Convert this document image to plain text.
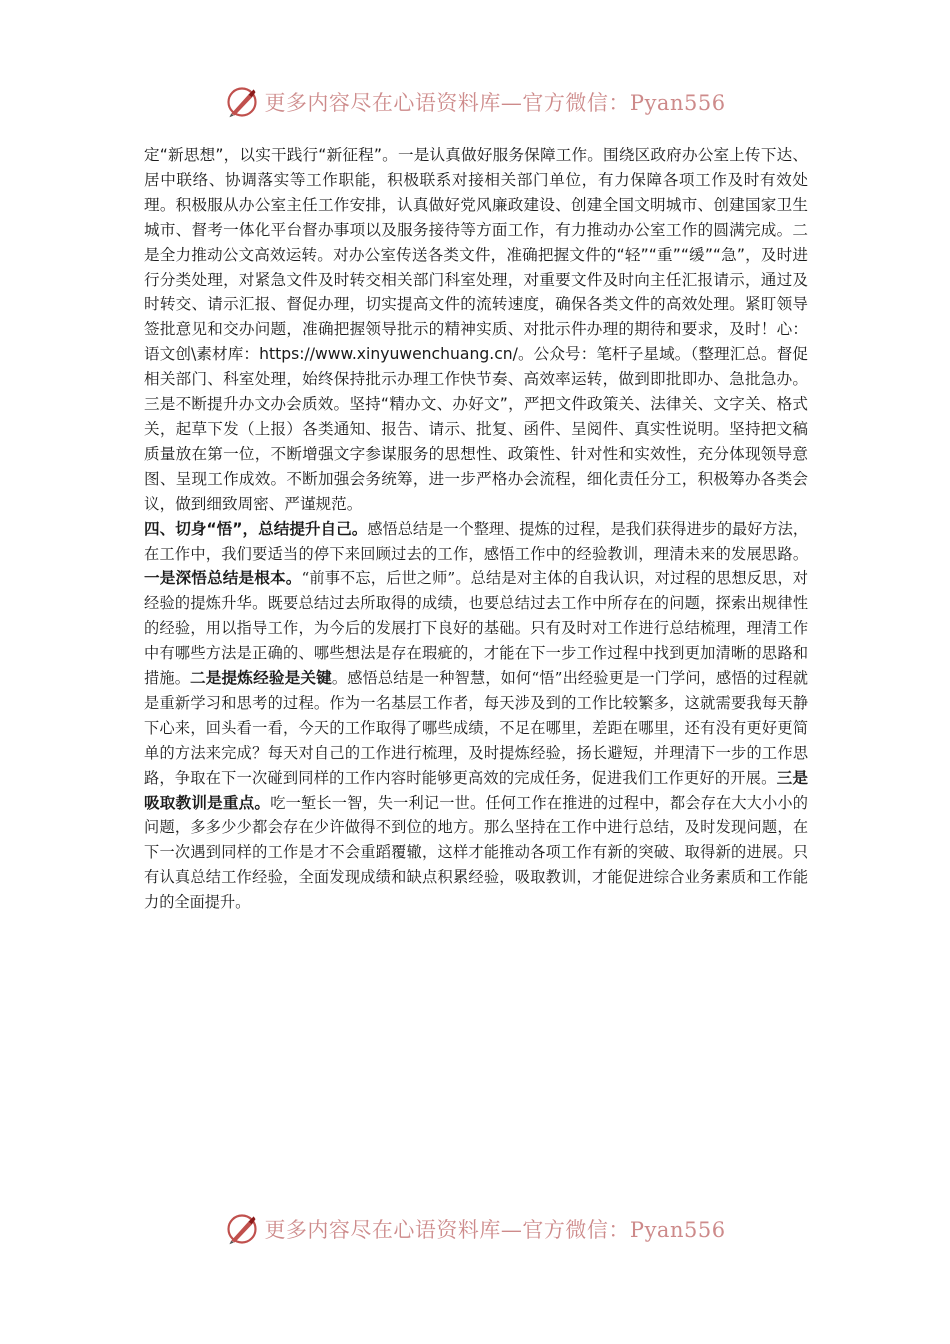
更多内容尽在心语资料库—官方微信：Pyan556

定“新思想”，以实干践行“新征程”。一是认真做好服务保障工作。围绕区政府办公室上传下达、居中联络、协调落实等工作职能，积极联系对接相关部门单位，有力保障各项工作及时有效处理。积极服从办公室主任工作安排，认真做好党风廉政建设、创建全国文明城市、创建国家卫生城市、督考一体化平台督办事项以及服务接待等方面工作，有力推动办公室工作的圆满完成。二是全力推动公文高效运转。对办公室传送各类文件，准确把握文件的“轻”“重”“缓”“急”，及时进行分类处理，对紧急文件及时转交相关部门科室处理，对重要文件及时向主任汇报请示，通过及时转交、请示汇报、督促办理，切实提高文件的流转速度，确保各类文件的高效处理。紧盯领导签批意见和交办问题，准确把握领导批示的精神实质、对批示件办理的期待和要求，及时！心：语文创\素材库：https://www.xinyuwenchuang.cn/。公众号：笔杆子星域。（整理汇总。督促相关部门、科室处理，始终保持批示办理工作快节奏、高效率运转，做到即批即办、急批急办。三是不断提升办文办会质效。坚持“精办文、办好文”，严把文件政策关、法律关、文字关、格式关，起草下发（上报）各类通知、报告、请示、批复、函件、呈阅件、真实性说明。坚持把文稿质量放在第一位，不断增强文字参谋服务的思想性、政策性、针对性和实效性，充分体现领导意图、呈现工作成效。不断加强会务统筹，进一步严格办会流程，细化责任分工，积极筹办各类会议，做到细致周密、严谨规范。

四、切身“悟”，总结提升自己。感悟总结是一个整理、提炼的过程，是我们获得进步的最好方法，在工作中，我们要适当的停下来回顾过去的工作，感悟工作中的经验教训，理清未来的发展思路。一是深悟总结是根本。“前事不忘，后世之师”。总结是对主体的自我认识，对过程的思想反思，对经验的提炼升华。既要总结过去所取得的成绩，也要总结过去工作中所存在的问题，探索出规律性的经验，用以指导工作，为今后的发展打下良好的基础。只有及时对工作进行总结梳理，理清工作中有哪些方法是正确的、哪些想法是存在瑕疵的，才能在下一步工作过程中找到更加清晰的思路和措施。二是提炼经验是关键。感悟总结是一种智慧，如何“悟”出经验更是一门学问，感悟的过程就是重新学习和思考的过程。作为一名基层工作者，每天涉及到的工作比较繁多，这就需要我每天静下心来，回头看一看，今天的工作取得了哪些成绩，不足在哪里，差距在哪里，还有没有更好更简单的方法来完成？每天对自己的工作进行梳理，及时提炼经验，扬长避短，并理清下一步的工作思路，争取在下一次碰到同样的工作内容时能够更高效的完成任务，促进我们工作更好的开展。三是吸取教训是重点。吃一堑长一智，失一利记一世。任何工作在推进的过程中，都会存在大大小小的问题，多多少少都会存在少许做得不到位的地方。那么坚持在工作中进行总结，及时发现问题，在下一次遇到同样的工作是才不会重蹈覆辙，这样才能推动各项工作有新的突破、取得新的进展。只有认真总结工作经验，全面发现成绩和缺点积累经验，吸取教训，才能促进综合业务素质和工作能力的全面提升。

更多内容尽在心语资料库—官方微信：Pyan556
